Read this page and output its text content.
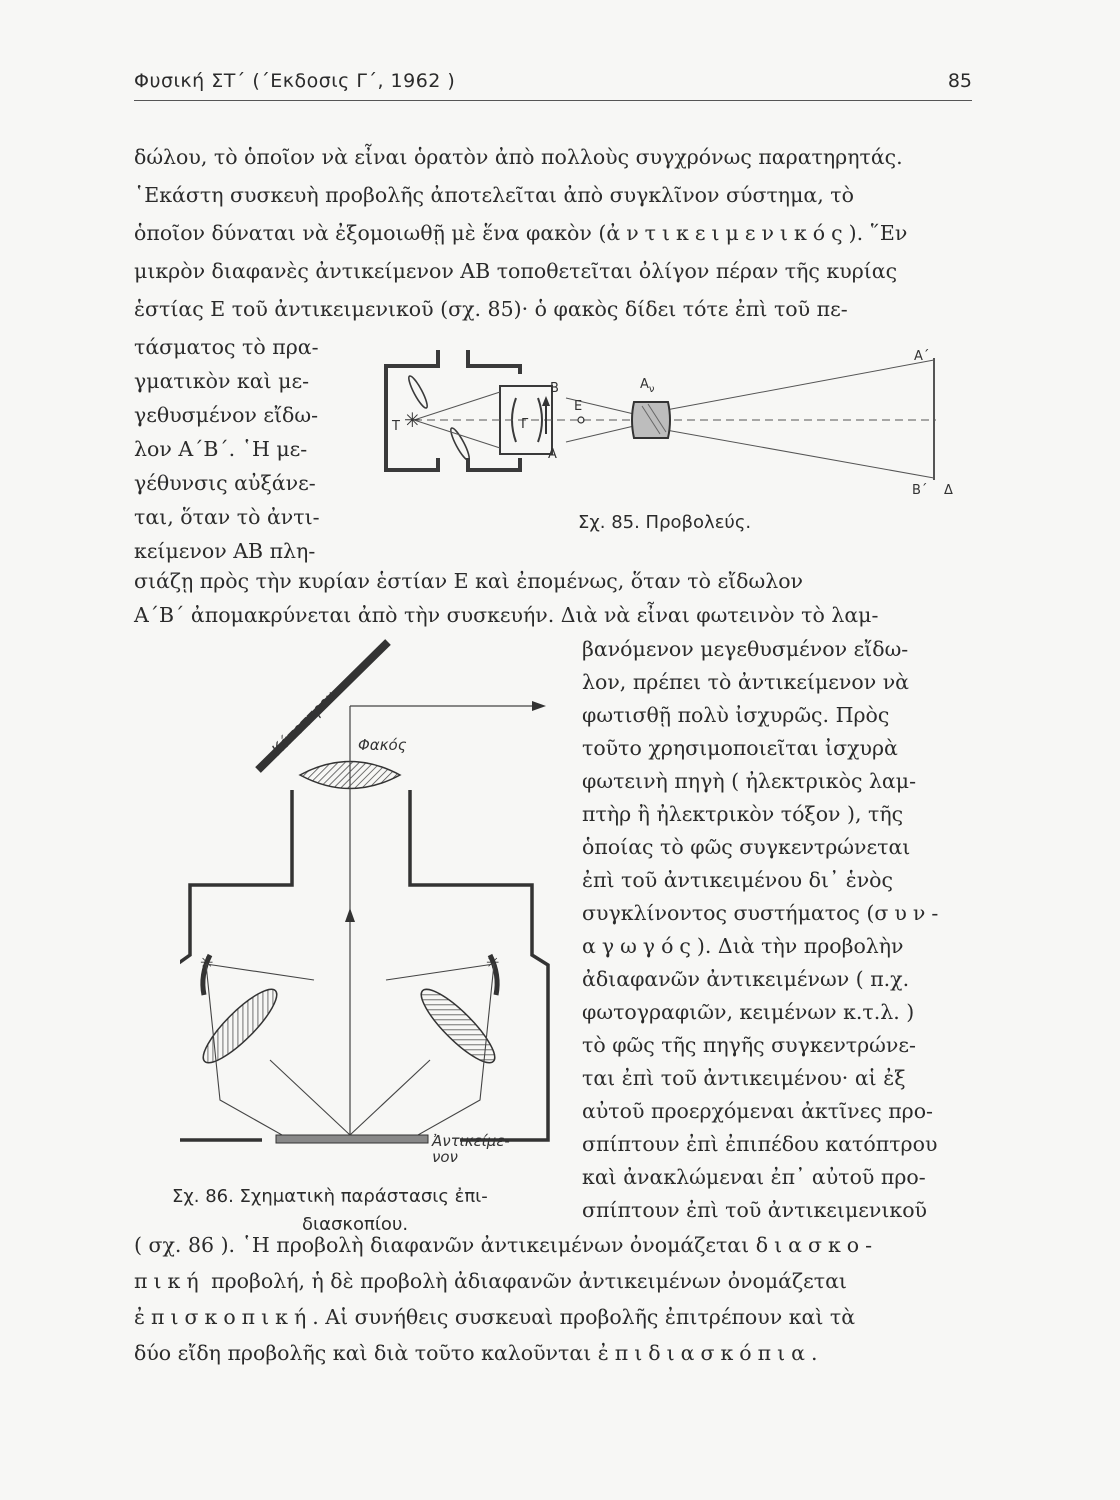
Φυσική ΣΤ΄ (΄Εκδοσις Γ΄, 1962 )	85
δώλου, τὸ ὁποῖον νὰ εἶναι ὁρατὸν ἀπὸ πολλοὺς συγχρόνως παρατηρητάς.
῾Εκάστη συσκευὴ προβολῆς ἀποτελεῖται ἀπὸ συγκλῖνον σύστημα, τὸ
ὁποῖον δύναται νὰ ἐξομοιωθῇ μὲ ἕνα φακὸν (ἀντικειμενικός). ῞Εν
μικρὸν διαφανὲς ἀντικείμενον ΑΒ τοποθετεῖται ὀλίγον πέραν τῆς κυρίας
ἑστίας Ε τοῦ ἀντικειμενικοῦ (σχ. 85)· ὁ φακὸς δίδει τότε ἐπὶ τοῦ πε-
τάσματος τὸ πρα-
γματικὸν καὶ με-
γεθυσμένον εἴδω-
λον Α΄Β΄. ῾Η με-
γέθυνσις αὐξάνε-
ται, ὅταν τὸ ἀντι-
κείμενον ΑΒ πλη-
✳
Τ	Γ
Β
Α
Ε
$A_\nu$
Α΄
Β΄ Δ
Σχ. 85. Προβολεύς.
σιάζῃ πρὸς τὴν κυρίαν ἑστίαν Ε καὶ ἐπομένως, ὅταν τὸ εἴδωλον
Α΄Β΄ ἀπομακρύνεται ἀπὸ τὴν συσκευήν. Διὰ νὰ εἶναι φωτεινὸν τὸ λαμ-
βανόμενον μεγεθυσμένον εἴδω-
λον, πρέπει τὸ ἀντικείμενον νὰ
φωτισθῇ πολὺ ἰσχυρῶς. Πρὸς
τοῦτο χρησιμοποιεῖται ἰσχυρὰ
φωτεινὴ πηγὴ ( ἠλεκτρικὸς λαμ-
πτὴρ ἢ ἠλεκτρικὸν τόξον ), τῆς
ὁποίας τὸ φῶς συγκεντρώνεται
ἐπὶ τοῦ ἀντικειμένου δι᾽ ἑνὸς
συγκλίνοντος συστήματος (συν-
αγωγός). Διὰ τὴν προβολὴν
ἀδιαφανῶν ἀντικειμένων ( π.χ.
φωτογραφιῶν, κειμένων κ.τ.λ. )
τὸ φῶς τῆς πηγῆς συγκεντρώνε-
ται ἐπὶ τοῦ ἀντικειμένου· αἱ ἐξ
αὐτοῦ προερχόμεναι ἀκτῖνες προ-
σπίπτουν ἐπὶ ἐπιπέδου κατόπτρου
καὶ ἀνακλώμεναι ἐπ᾽ αὐτοῦ προ-
σπίπτουν ἐπὶ τοῦ ἀντικειμενικοῦ
✳	✳
Κάτοπτρον Φακός
Ἀντικείμε-
νον
Σχ. 86. Σχηματικὴ παράστασις ἐπι-
διασκοπίου.
( σχ. 86 ). ῾Η προβολὴ διαφανῶν ἀντικειμένων ὀνομάζεται διασκο-
πική προβολή, ἡ δὲ προβολὴ ἀδιαφανῶν ἀντικειμένων ὀνομάζεται
ἐπισκοπική. Αἱ συνήθεις συσκευαὶ προβολῆς ἐπιτρέπουν καὶ τὰ
δύο εἴδη προβολῆς καὶ διὰ τοῦτο καλοῦνται ἐπιδιασκόπια.
